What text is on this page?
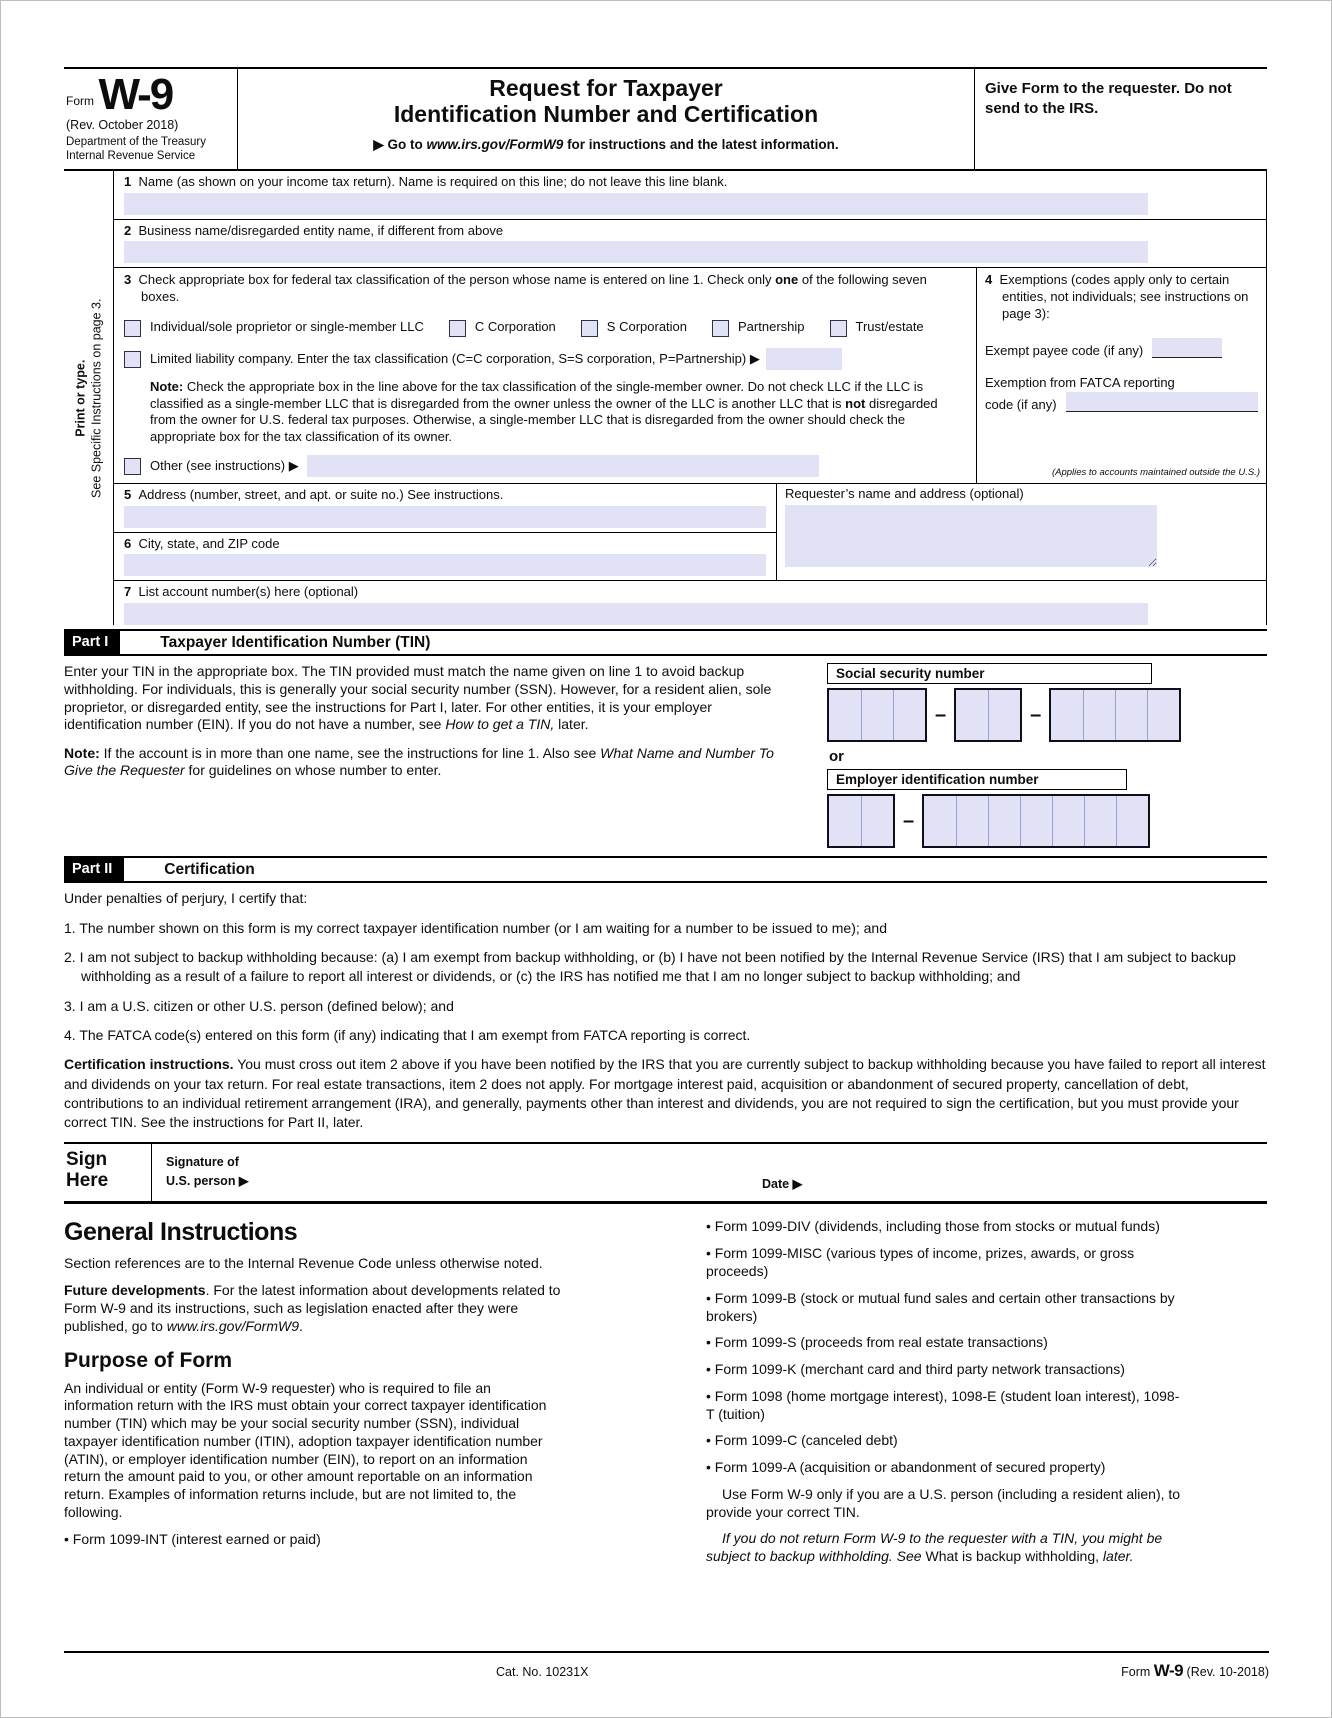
Form W-9
(Rev. October 2018)
Department of the Treasury
Internal Revenue Service
Request for Taxpayer
Identification Number and Certification
▶ Go to www.irs.gov/FormW9 for instructions and the latest information.
Give Form to the requester. Do not send to the IRS.
Print or type. See Specific Instructions on page 3.
1 Name (as shown on your income tax return). Name is required on this line; do not leave this line blank.
2 Business name/disregarded entity name, if different from above
3 Check appropriate box for federal tax classification of the person whose name is entered on line 1. Check only one of the following seven boxes.
Individual/sole proprietor or single-member LLC	C Corporation	S Corporation	Partnership	Trust/estate
Limited liability company. Enter the tax classification (C=C corporation, S=S corporation, P=Partnership) ▶

Note: Check the appropriate box in the line above for the tax classification of the single-member owner. Do not check LLC if the LLC is classified as a single-member LLC that is disregarded from the owner unless the owner of the LLC is another LLC that is not disregarded from the owner for U.S. federal tax purposes. Otherwise, a single-member LLC that is disregarded from the owner should check the appropriate box for the tax classification of its owner.

Other (see instructions) ▶
4 Exemptions (codes apply only to certain entities, not individuals; see instructions on page 3):
Exempt payee code (if any)
Exemption from FATCA reporting
code (if any)
(Applies to accounts maintained outside the U.S.)
5 Address (number, street, and apt. or suite no.) See instructions.
6 City, state, and ZIP code
Requester’s name and address (optional)
7 List account number(s) here (optional)
Part I	Taxpayer Identification Number (TIN)

Enter your TIN in the appropriate box. The TIN provided must match the name given on line 1 to avoid backup withholding. For individuals, this is generally your social security number (SSN). However, for a resident alien, sole proprietor, or disregarded entity, see the instructions for Part I, later. For other entities, it is your employer identification number (EIN). If you do not have a number, see How to get a TIN, later.

Note: If the account is in more than one name, see the instructions for line 1. Also see What Name and Number To Give the Requester for guidelines on whose number to enter.

Social security number
–	–
or
Employer identification number
–
Part II	Certification

Under penalties of perjury, I certify that:

1. The number shown on this form is my correct taxpayer identification number (or I am waiting for a number to be issued to me); and

2. I am not subject to backup withholding because: (a) I am exempt from backup withholding, or (b) I have not been notified by the Internal Revenue Service (IRS) that I am subject to backup withholding as a result of a failure to report all interest or dividends, or (c) the IRS has notified me that I am no longer subject to backup withholding; and

3. I am a U.S. citizen or other U.S. person (defined below); and

4. The FATCA code(s) entered on this form (if any) indicating that I am exempt from FATCA reporting is correct.

Certification instructions. You must cross out item 2 above if you have been notified by the IRS that you are currently subject to backup withholding because you have failed to report all interest and dividends on your tax return. For real estate transactions, item 2 does not apply. For mortgage interest paid, acquisition or abandonment of secured property, cancellation of debt, contributions to an individual retirement arrangement (IRA), and generally, payments other than interest and dividends, you are not required to sign the certification, but you must provide your correct TIN. See the instructions for Part II, later.

Sign
Here
Signature of
U.S. person ▶	Date ▶
General Instructions

Section references are to the Internal Revenue Code unless otherwise noted.

Future developments. For the latest information about developments related to Form W-9 and its instructions, such as legislation enacted after they were published, go to www.irs.gov/FormW9.

Purpose of Form

An individual or entity (Form W-9 requester) who is required to file an information return with the IRS must obtain your correct taxpayer identification number (TIN) which may be your social security number (SSN), individual taxpayer identification number (ITIN), adoption taxpayer identification number (ATIN), or employer identification number (EIN), to report on an information return the amount paid to you, or other amount reportable on an information return. Examples of information returns include, but are not limited to, the following.

• Form 1099-INT (interest earned or paid)

• Form 1099-DIV (dividends, including those from stocks or mutual funds)

• Form 1099-MISC (various types of income, prizes, awards, or gross proceeds)

• Form 1099-B (stock or mutual fund sales and certain other transactions by brokers)

• Form 1099-S (proceeds from real estate transactions)

• Form 1099-K (merchant card and third party network transactions)

• Form 1098 (home mortgage interest), 1098-E (student loan interest), 1098-T (tuition)

• Form 1099-C (canceled debt)

• Form 1099-A (acquisition or abandonment of secured property)

Use Form W-9 only if you are a U.S. person (including a resident alien), to provide your correct TIN.

If you do not return Form W-9 to the requester with a TIN, you might be subject to backup withholding. See What is backup withholding, later.

Cat. No. 10231X	Form W-9 (Rev. 10-2018)
